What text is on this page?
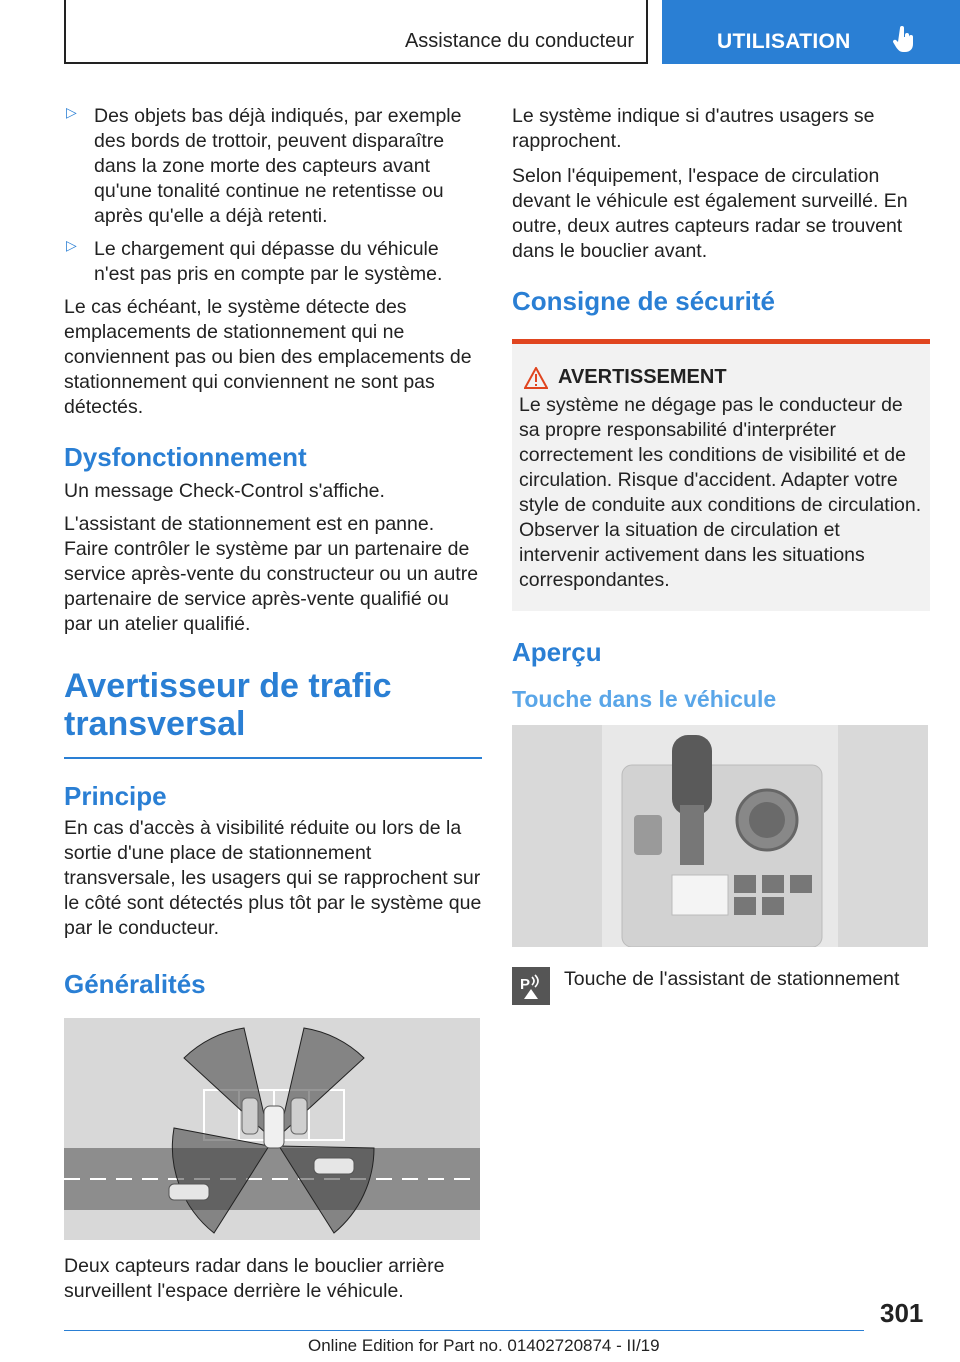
Assistance du conducteur	UTILISATION
▷ Des objets bas déjà indiqués, par exemple des bords de trottoir, peuvent disparaître dans la zone morte des capteurs avant qu'une tonalité continue ne retentisse ou après qu'elle a déjà retenti.

▷ Le chargement qui dépasse du véhicule n'est pas pris en compte par le système.

Le cas échéant, le système détecte des emplacements de stationnement qui ne conviennent pas ou bien des emplacements de stationnement qui conviennent ne sont pas détectés.

Dysfonctionnement

Un message Check-Control s'affiche.

L'assistant de stationnement est en panne. Faire contrôler le système par un partenaire de service après-vente du constructeur ou un autre partenaire de service après-vente qualifié ou par un atelier qualifié.

Avertisseur de trafic transversal
Principe

En cas d'accès à visibilité réduite ou lors de la sortie d'une place de stationnement transversale, les usagers qui se rapprochent sur le côté sont détectés plus tôt par le système que par le conducteur.

Généralités

Deux capteurs radar dans le bouclier arrière surveillent l'espace derrière le véhicule.

Le système indique si d'autres usagers se rapprochent.

Selon l'équipement, l'espace de circulation devant le véhicule est également surveillé. En outre, deux autres capteurs radar se trouvent dans le bouclier avant.

Consigne de sécurité
AVERTISSEMENT

Le système ne dégage pas le conducteur de sa propre responsabilité d'interpréter correctement les conditions de visibilité et de circulation. Risque d'accident. Adapter votre style de conduite aux conditions de circulation. Observer la situation de circulation et intervenir activement dans les situations correspondantes.

Aperçu
Touche dans le véhicule
P Touche de l'assistant de stationnement

301
Online Edition for Part no. 01402720874 - II/19
